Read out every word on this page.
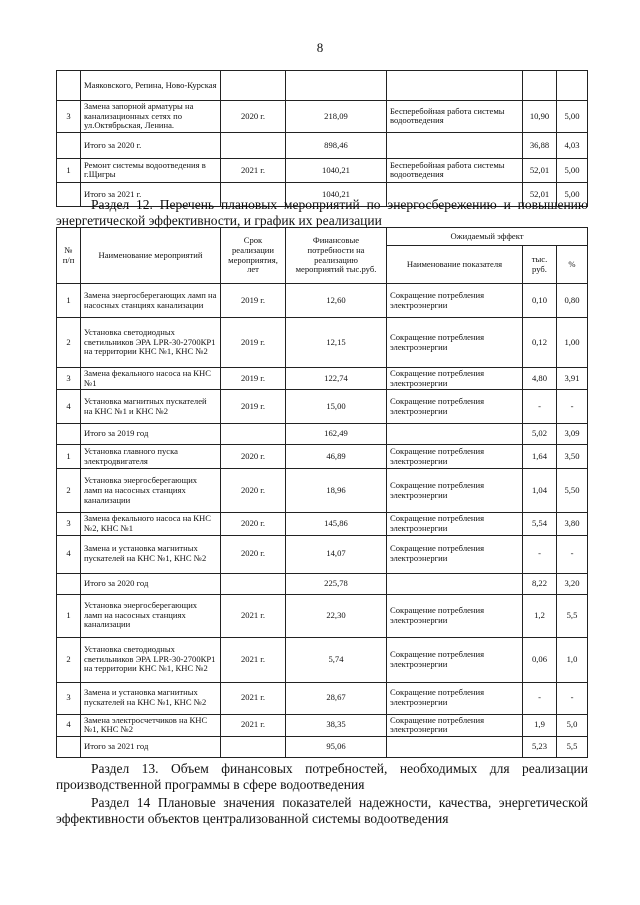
8
	Маяковского, Репина, Ново-Курская					
3	Замена запорной арматуры на канализационных сетях по ул.Октябрьская, Ленина.	2020 г.	218,09	Бесперебойная работа системы водоотведения	10,90	5,00
	Итого за 2020 г.		898,46		36,88	4,03
1	Ремонт системы водоотведения в г.Щигры	2021 г.	1040,21	Бесперебойная работа системы водоотведения	52,01	5,00
	Итого за 2021 г.		1040,21		52,01	5,00
Раздел 12. Перечень плановых мероприятий по энергосбережению и повышению энергетической эффективности, и график их реализации
№ п/п	Наименование мероприятий	Срок реализации мероприятия, лет	Финансовые потребности на реализацию мероприятий тыс.руб.	Ожидаемый эффект		
				Наименование показателя	тыс. руб.	%
1	Замена энергосберегающих ламп на насосных станциях канализации	2019 г.	12,60	Сокращение потребления электроэнергии	0,10	0,80
2	Установка светодиодных светильников ЭРА LPR-30-2700КР1 на территории КНС №1, КНС №2	2019 г.	12,15	Сокращение потребления электроэнергии	0,12	1,00
3	Замена фекального насоса на КНС №1	2019 г.	122,74	Сокращение потребления электроэнергии	4,80	3,91
4	Установка магнитных пускателей на КНС №1 и КНС №2	2019 г.	15,00	Сокращение потребления электроэнергии	-	-
	Итого за 2019 год		162,49		5,02	3,09
1	Установка главного пуска электродвигателя	2020 г.	46,89	Сокращение потребления электроэнергии	1,64	3,50
2	Установка энергосберегающих ламп на насосных станциях канализации	2020 г.	18,96	Сокращение потребления электроэнергии	1,04	5,50
3	Замена фекального насоса на КНС №2, КНС №1	2020 г.	145,86	Сокращение потребления электроэнергии	5,54	3,80
4	Замена и установка магнитных пускателей на КНС №1, КНС №2	2020 г.	14,07	Сокращение потребления электроэнергии	-	-
	Итого за 2020 год		225,78		8,22	3,20
1	Установка энергосберегающих ламп на насосных станциях канализации	2021 г.	22,30	Сокращение потребления электроэнергии	1,2	5,5
2	Установка светодиодных светильников ЭРА LPR-30-2700КР1 на территории КНС №1, КНС №2	2021 г.	5,74	Сокращение потребления электроэнергии	0,06	1,0
3	Замена и установка магнитных пускателей на КНС №1, КНС №2	2021 г.	28,67	Сокращение потребления электроэнергии	-	-
4	Замена электросчетчиков на КНС №1, КНС №2	2021 г.	38,35	Сокращение потребления электроэнергии	1,9	5,0
	Итого за 2021 год		95,06		5,23	5,5
Раздел 13. Объем финансовых потребностей, необходимых для реализации производственной программы в сфере водоотведения
Раздел 14 Плановые значения показателей надежности, качества, энергетической эффективности объектов централизованной системы водоотведения
